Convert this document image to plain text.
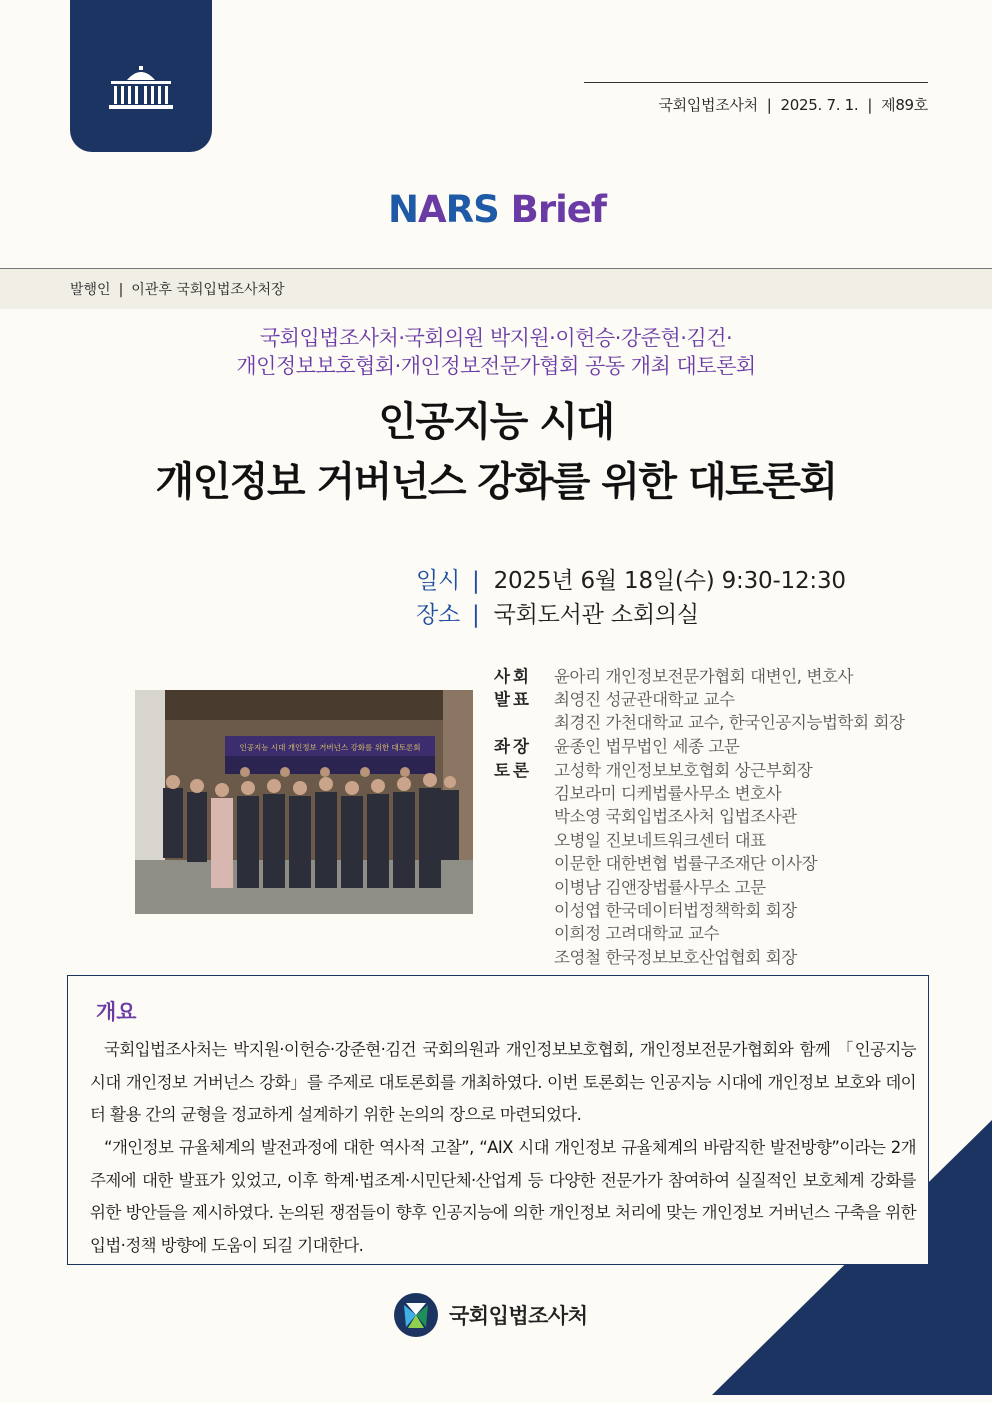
국회입법조사처 | 2025. 7. 1. | 제89호
NARS Brief
발행인 | 이관후 국회입법조사처장
국회입법조사처·국회의원 박지원·이헌승·강준현·김건·
개인정보보호협회·개인정보전문가협회 공동 개최 대토론회
인공지능 시대
개인정보 거버넌스 강화를 위한 대토론회
일시 | 2025년 6월 18일(수) 9:30-12:30
장소 | 국회도서관 소회의실
인공지능 시대 개인정보 거버넌스 강화를 위한 대토론회
사회 윤아리 개인정보전문가협회 대변인, 변호사
발표 최영진 성균관대학교 교수
최경진 가천대학교 교수, 한국인공지능법학회 회장
좌장 윤종인 법무법인 세종 고문
토론 고성학 개인정보보호협회 상근부회장
김보라미 디케법률사무소 변호사
박소영 국회입법조사처 입법조사관
오병일 진보네트워크센터 대표
이문한 대한변협 법률구조재단 이사장
이병남 김앤장법률사무소 고문
이성엽 한국데이터법정책학회 회장
이희정 고려대학교 교수
조영철 한국정보보호산업협회 회장
개요

국회입법조사처는 박지원·이헌승·강준현·김건 국회의원과 개인정보보호협회, 개인정보전문가협회와 함께 「인공지능 시대 개인정보 거버넌스 강화」를 주제로 대토론회를 개최하였다. 이번 토론회는 인공지능 시대에 개인정보 보호와 데이터 활용 간의 균형을 정교하게 설계하기 위한 논의의 장으로 마련되었다.

“개인정보 규율체계의 발전과정에 대한 역사적 고찰”, “AIX 시대 개인정보 규율체계의 바람직한 발전방향”이라는 2개 주제에 대한 발표가 있었고, 이후 학계·법조계·시민단체·산업계 등 다양한 전문가가 참여하여 실질적인 보호체계 강화를 위한 방안들을 제시하였다. 논의된 쟁점들이 향후 인공지능에 의한 개인정보 처리에 맞는 개인정보 거버넌스 구축을 위한 입법·정책 방향에 도움이 되길 기대한다.

국회입법조사처
